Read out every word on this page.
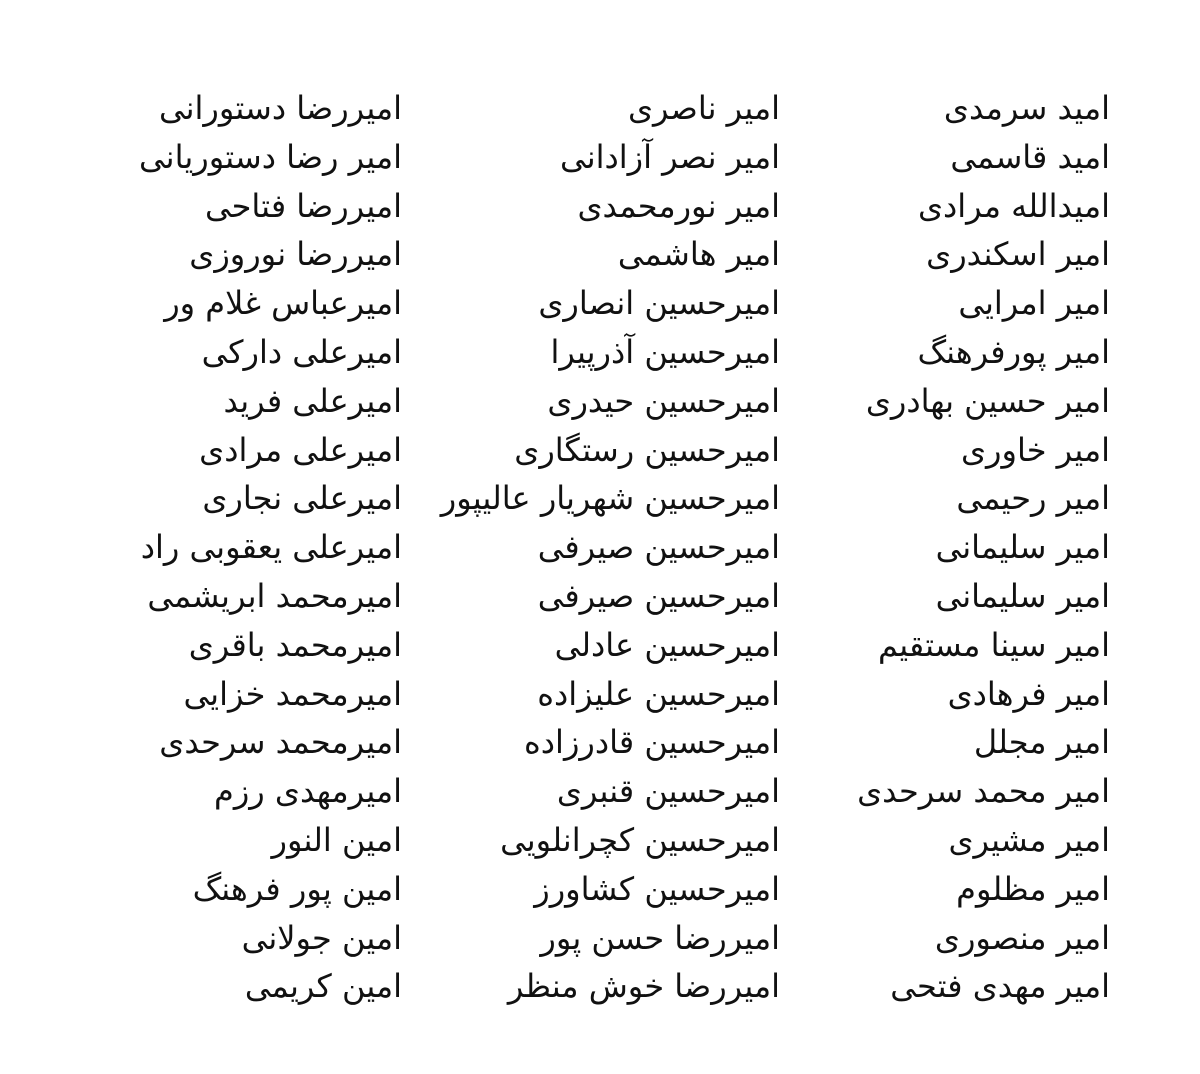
امید سرمدی
امید قاسمی
امیدالله مرادی
امیر اسکندری
امیر امرایی
امیر پورفرهنگ
امیر حسین بهادری
امیر خاوری
امیر رحیمی
امیر سلیمانی
امیر سلیمانی
امیر سینا مستقیم
امیر فرهادی
امیر مجلل
امیر محمد سرحدی
امیر مشیری
امیر مظلوم
امیر منصوری
امیر مهدی فتحی
امیر ناصری
امیر نصر آزادانی
امیر نورمحمدی
امیر هاشمی
امیرحسین انصاری
امیرحسین آذرپیرا
امیرحسین حیدری
امیرحسین رستگاری
امیرحسین شهریار عالیپور
امیرحسین صیرفی
امیرحسین صیرفی
امیرحسین عادلی
امیرحسین علیزاده
امیرحسین قادرزاده
امیرحسین قنبری
امیرحسین کچرانلویی
امیرحسین کشاورز
امیررضا حسن پور
امیررضا خوش منظر
امیررضا دستورانی
امیر رضا دستوریانی
امیررضا فتاحی
امیررضا نوروزی
امیرعباس غلام ور
امیرعلی دارکی
امیرعلی فرید
امیرعلی مرادی
امیرعلی نجاری
امیرعلی یعقوبی راد
امیرمحمد ابریشمی
امیرمحمد باقری
امیرمحمد خزایی
امیرمحمد سرحدی
امیرمهدی رزم
امین النور
امین پور فرهنگ
امین جولانی
امین کریمی
